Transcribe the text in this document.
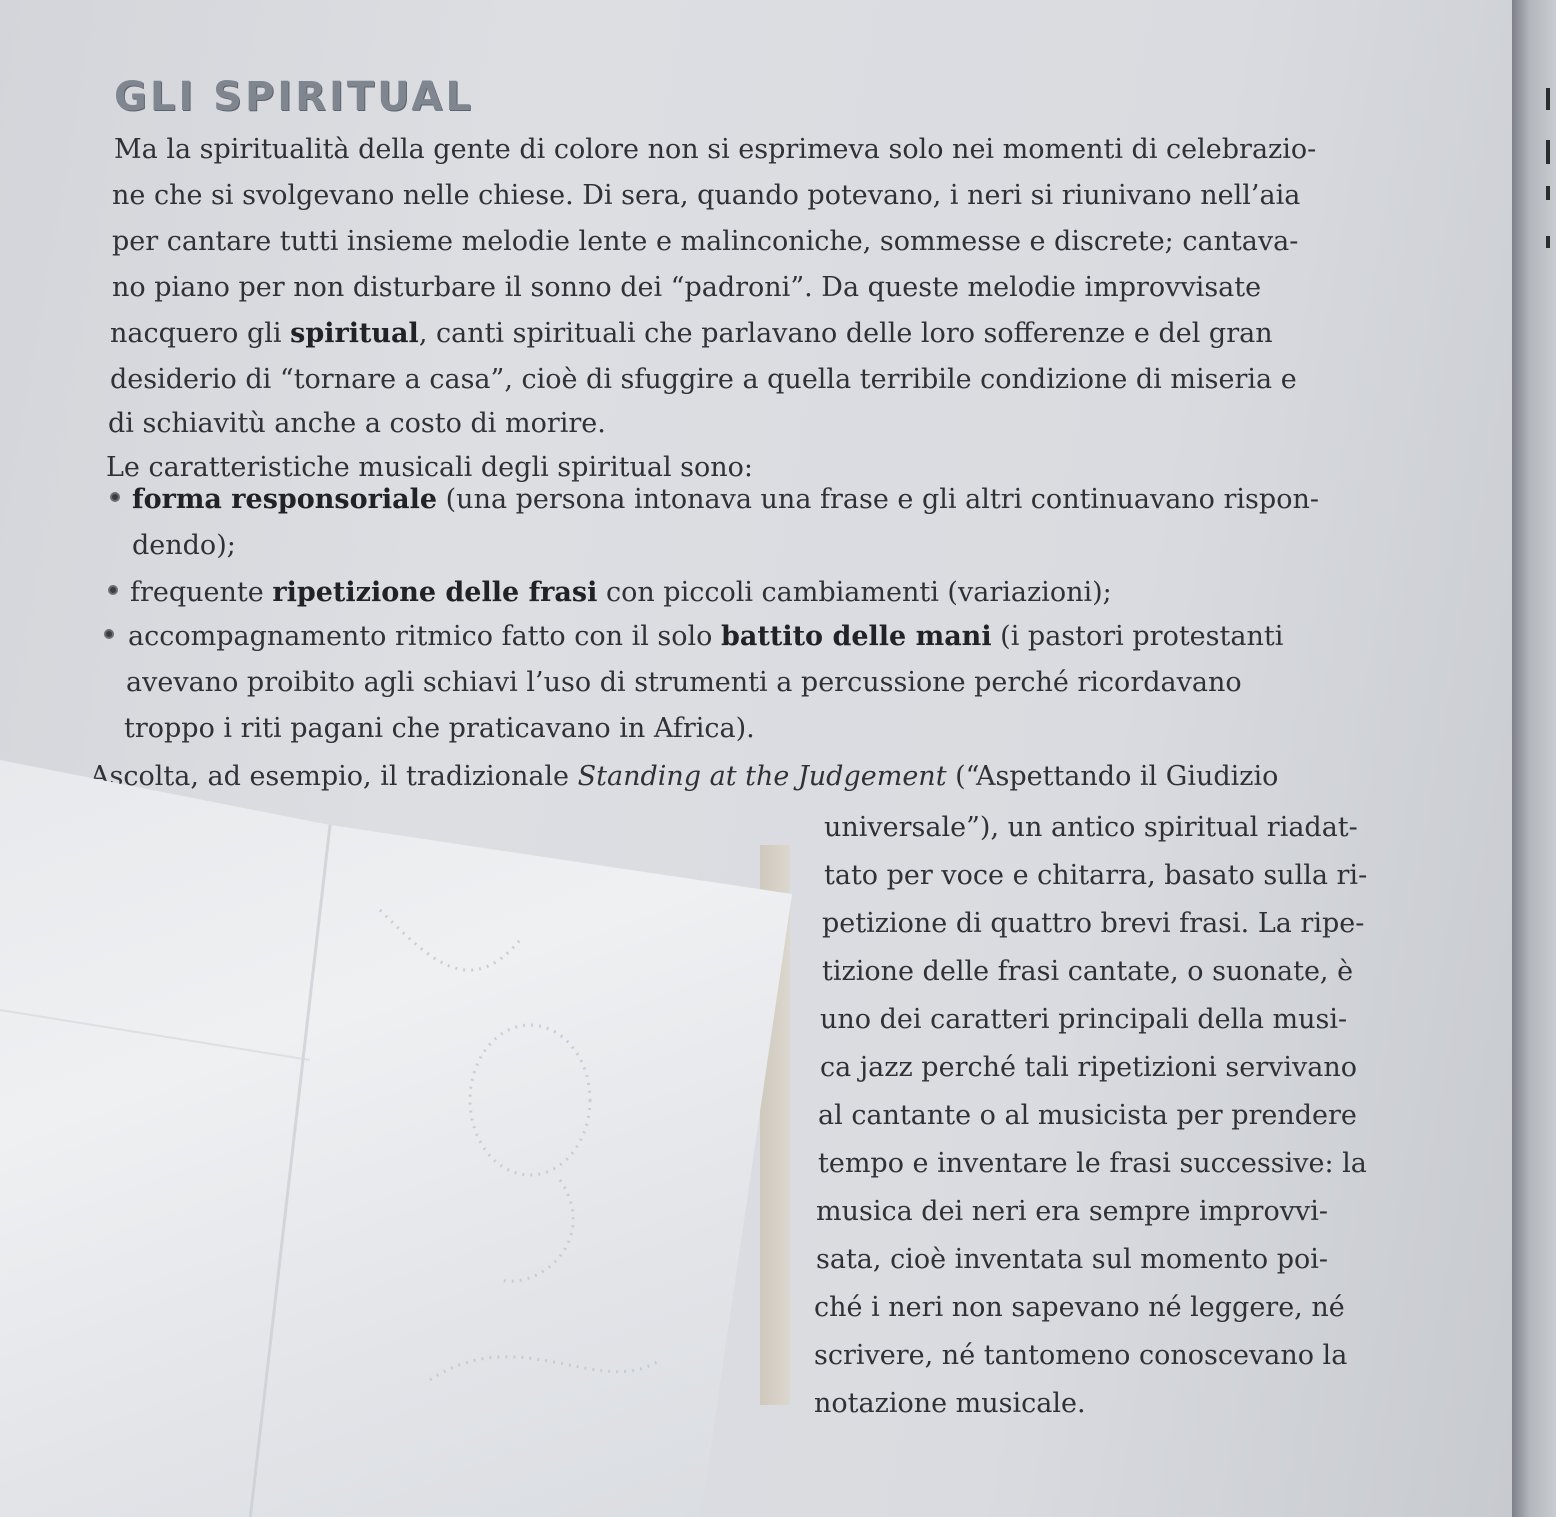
GLI SPIRITUAL
Ma la spiritualità della gente di colore non si esprimeva solo nei momenti di celebrazio-
ne che si svolgevano nelle chiese. Di sera, quando potevano, i neri si riunivano nell’aia
per cantare tutti insieme melodie lente e malinconiche, sommesse e discrete; cantava-
no piano per non disturbare il sonno dei “padroni”. Da queste melodie improvvisate
nacquero gli spiritual, canti spirituali che parlavano delle loro sofferenze e del gran
desiderio di “tornare a casa”, cioè di sfuggire a quella terribile condizione di miseria e
di schiavitù anche a costo di morire.
Le caratteristiche musicali degli spiritual sono:
forma responsoriale (una persona intonava una frase e gli altri continuavano rispon-
dendo);
frequente ripetizione delle frasi con piccoli cambiamenti (variazioni);
accompagnamento ritmico fatto con il solo battito delle mani (i pastori protestanti
avevano proibito agli schiavi l’uso di strumenti a percussione perché ricordavano
troppo i riti pagani che praticavano in Africa).
Ascolta, ad esempio, il tradizionale Standing at the Judgement (“Aspettando il Giudizio
universale”), un antico spiritual riadat-
tato per voce e chitarra, basato sulla ri-
petizione di quattro brevi frasi. La ripe-
tizione delle frasi cantate, o suonate, è
uno dei caratteri principali della musi-
ca jazz perché tali ripetizioni servivano
al cantante o al musicista per prendere
tempo e inventare le frasi successive: la
musica dei neri era sempre improvvi-
sata, cioè inventata sul momento poi-
ché i neri non sapevano né leggere, né
scrivere, né tantomeno conoscevano la
notazione musicale.
